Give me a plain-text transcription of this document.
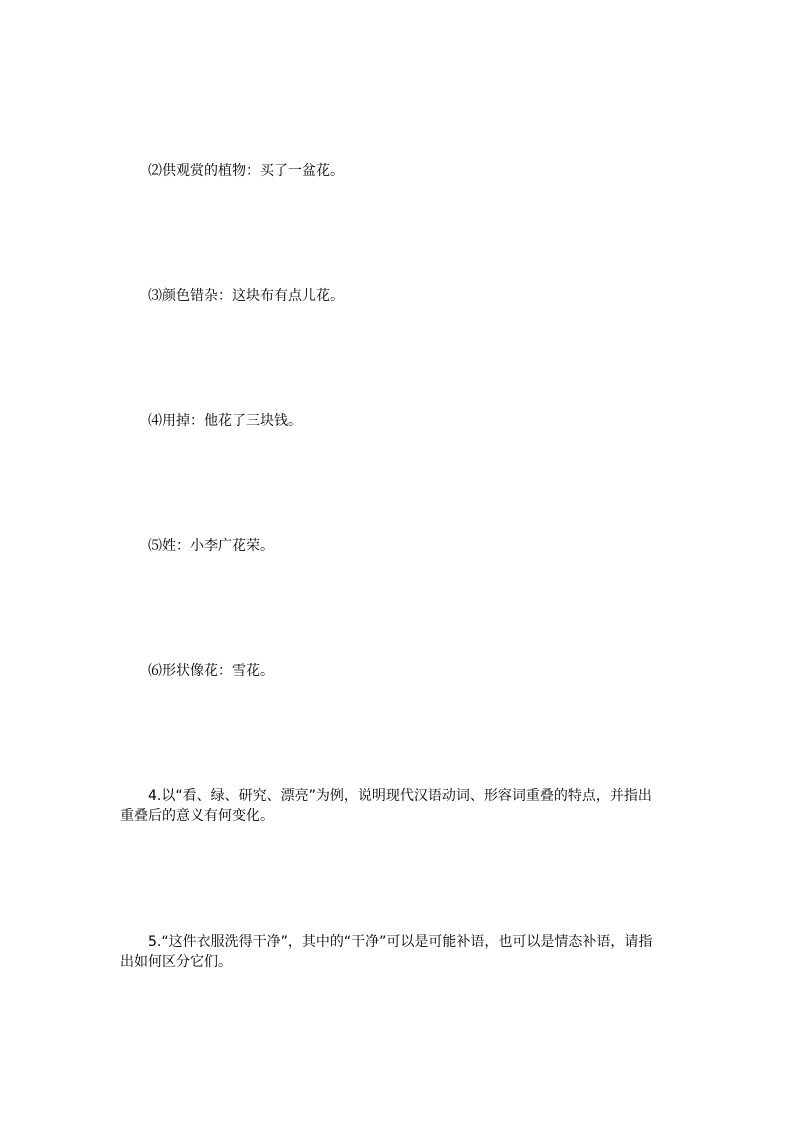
⑵供观赏的植物：买了一盆花。
⑶颜色错杂：这块布有点儿花。
⑷用掉：他花了三块钱。
⑸姓：小李广花荣。
⑹形状像花：雪花。
4.以“看、绿、研究、漂亮”为例，说明现代汉语动词、形容词重叠的特点，并指出
重叠后的意义有何变化。
5.“这件衣服洗得干净”，其中的“干净”可以是可能补语，也可以是情态补语，请指
出如何区分它们。
